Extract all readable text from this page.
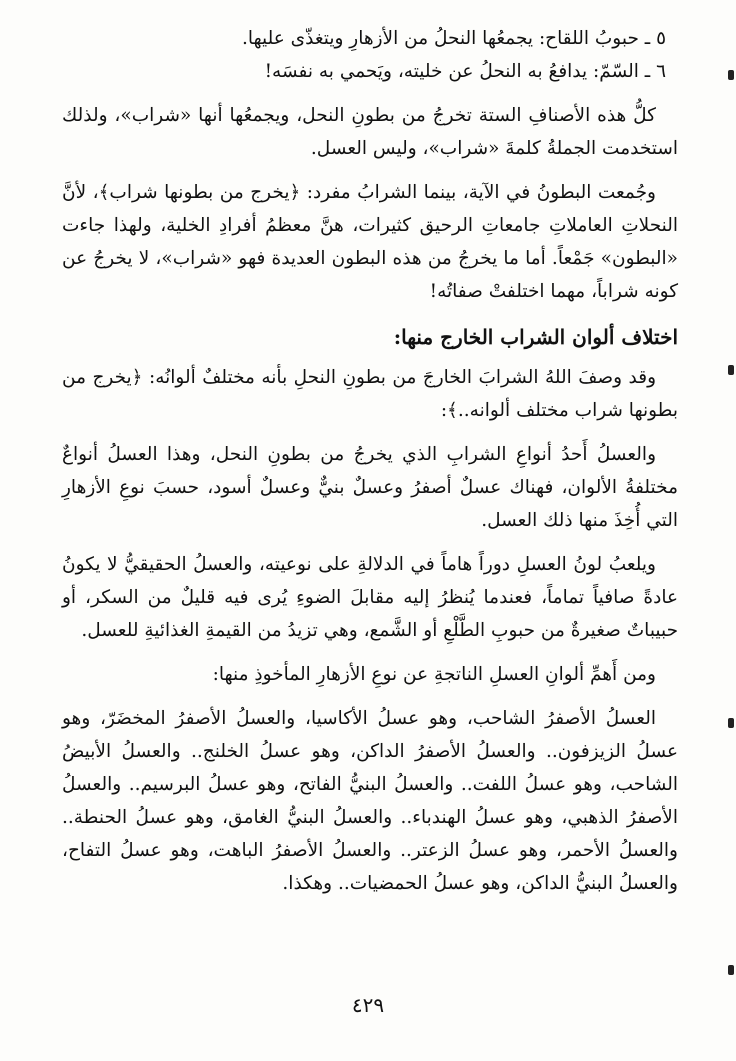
٥ ـ حبوبُ اللقاح: يجمعُها النحلُ من الأزهارِ ويتغذّى عليها.

٦ ـ السّمّ: يدافعُ به النحلُ عن خليته، ويَحمي به نفسَه!

كلُّ هذه الأصنافِ الستة تخرجُ من بطونِ النحل، ويجمعُها أنها «شراب»، ولذلك استخدمت الجملةُ كلمةَ «شراب»، وليس العسل.

وجُمعت البطونُ في الآية، بينما الشرابُ مفرد: ﴿يخرج من بطونها شراب﴾، لأنَّ النحلاتِ العاملاتِ جامعاتِ الرحيق كثيرات، هنَّ معظمُ أفرادِ الخلية، ولهذا جاءت «البطون» جَمْعاً. أما ما يخرجُ من هذه البطون العديدة فهو «شراب»، لا يخرجُ عن كونه شراباً، مهما اختلفتْ صفاتُه!

اختلاف ألوان الشراب الخارج منها:

وقد وصفَ اللهُ الشرابَ الخارجَ من بطونِ النحلِ بأنه مختلفٌ ألوانُه: ﴿يخرج من بطونها شراب مختلف ألوانه..﴾:

والعسلُ أَحدُ أنواعِ الشرابِ الذي يخرجُ من بطونِ النحل، وهذا العسلُ أنواعٌ مختلفةُ الألوان، فهناك عسلٌ أصفرُ وعسلٌ بنيٌّ وعسلٌ أسود، حسبَ نوعِ الأزهارِ التي أُخِذَ منها ذلك العسل.

ويلعبُ لونُ العسلِ دوراً هاماً في الدلالةِ على نوعيته، والعسلُ الحقيقيُّ لا يكونُ عادةً صافياً تماماً، فعندما يُنظرُ إليه مقابلَ الضوءِ يُرى فيه قليلٌ من السكر، أو حبيباتٌ صغيرةٌ من حبوبِ الطَّلْعِ أو الشَّمع، وهي تزيدُ من القيمةِ الغذائيةِ للعسل.

ومن أَهمِّ ألوانِ العسلِ الناتجةِ عن نوعِ الأزهارِ المأخوذِ منها:

العسلُ الأصفرُ الشاحب، وهو عسلُ الأكاسيا، والعسلُ الأصفرُ المخضَرّ، وهو عسلُ الزيزفون.. والعسلُ الأصفرُ الداكن، وهو عسلُ الخلنج.. والعسلُ الأبيضُ الشاحب، وهو عسلُ اللفت.. والعسلُ البنيُّ الفاتح، وهو عسلُ البرسيم.. والعسلُ الأصفرُ الذهبي، وهو عسلُ الهندباء.. والعسلُ البنيُّ الغامق، وهو عسلُ الحنطة.. والعسلُ الأحمر، وهو عسلُ الزعتر.. والعسلُ الأصفرُ الباهت، وهو عسلُ التفاح، والعسلُ البنيُّ الداكن، وهو عسلُ الحمضيات.. وهكذا.

٤٢٩
